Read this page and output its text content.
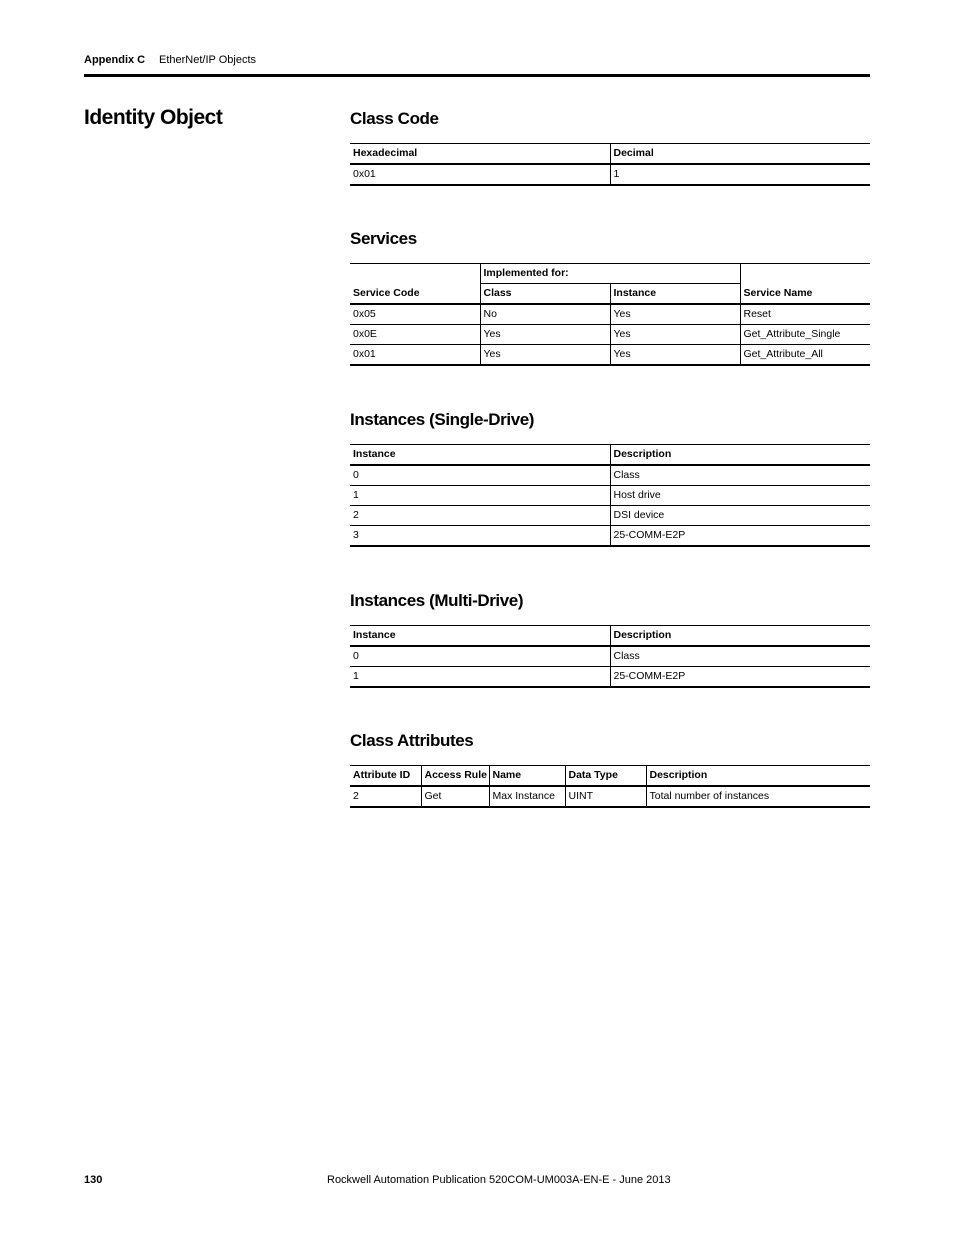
Appendix C EtherNet/IP Objects
Identity Object	Class Code
Hexadecimal	Decimal
0x01	1
Services
	Implemented for:		
Service Code	Class	Instance	Service Name
0x05	No	Yes	Reset
0x0E	Yes	Yes	Get_Attribute_Single
0x01	Yes	Yes	Get_Attribute_All
Instances (Single-Drive)
Instance	Description
0	Class
1	Host drive
2	DSI device
3	25-COMM-E2P
Instances (Multi-Drive)
Instance	Description
0	Class
1	25-COMM-E2P
Class Attributes
Attribute ID	Access Rule	Name	Data Type	Description
2	Get	Max Instance	UINT	Total number of instances
130	Rockwell Automation Publication 520COM-UM003A-EN-E - June 2013
